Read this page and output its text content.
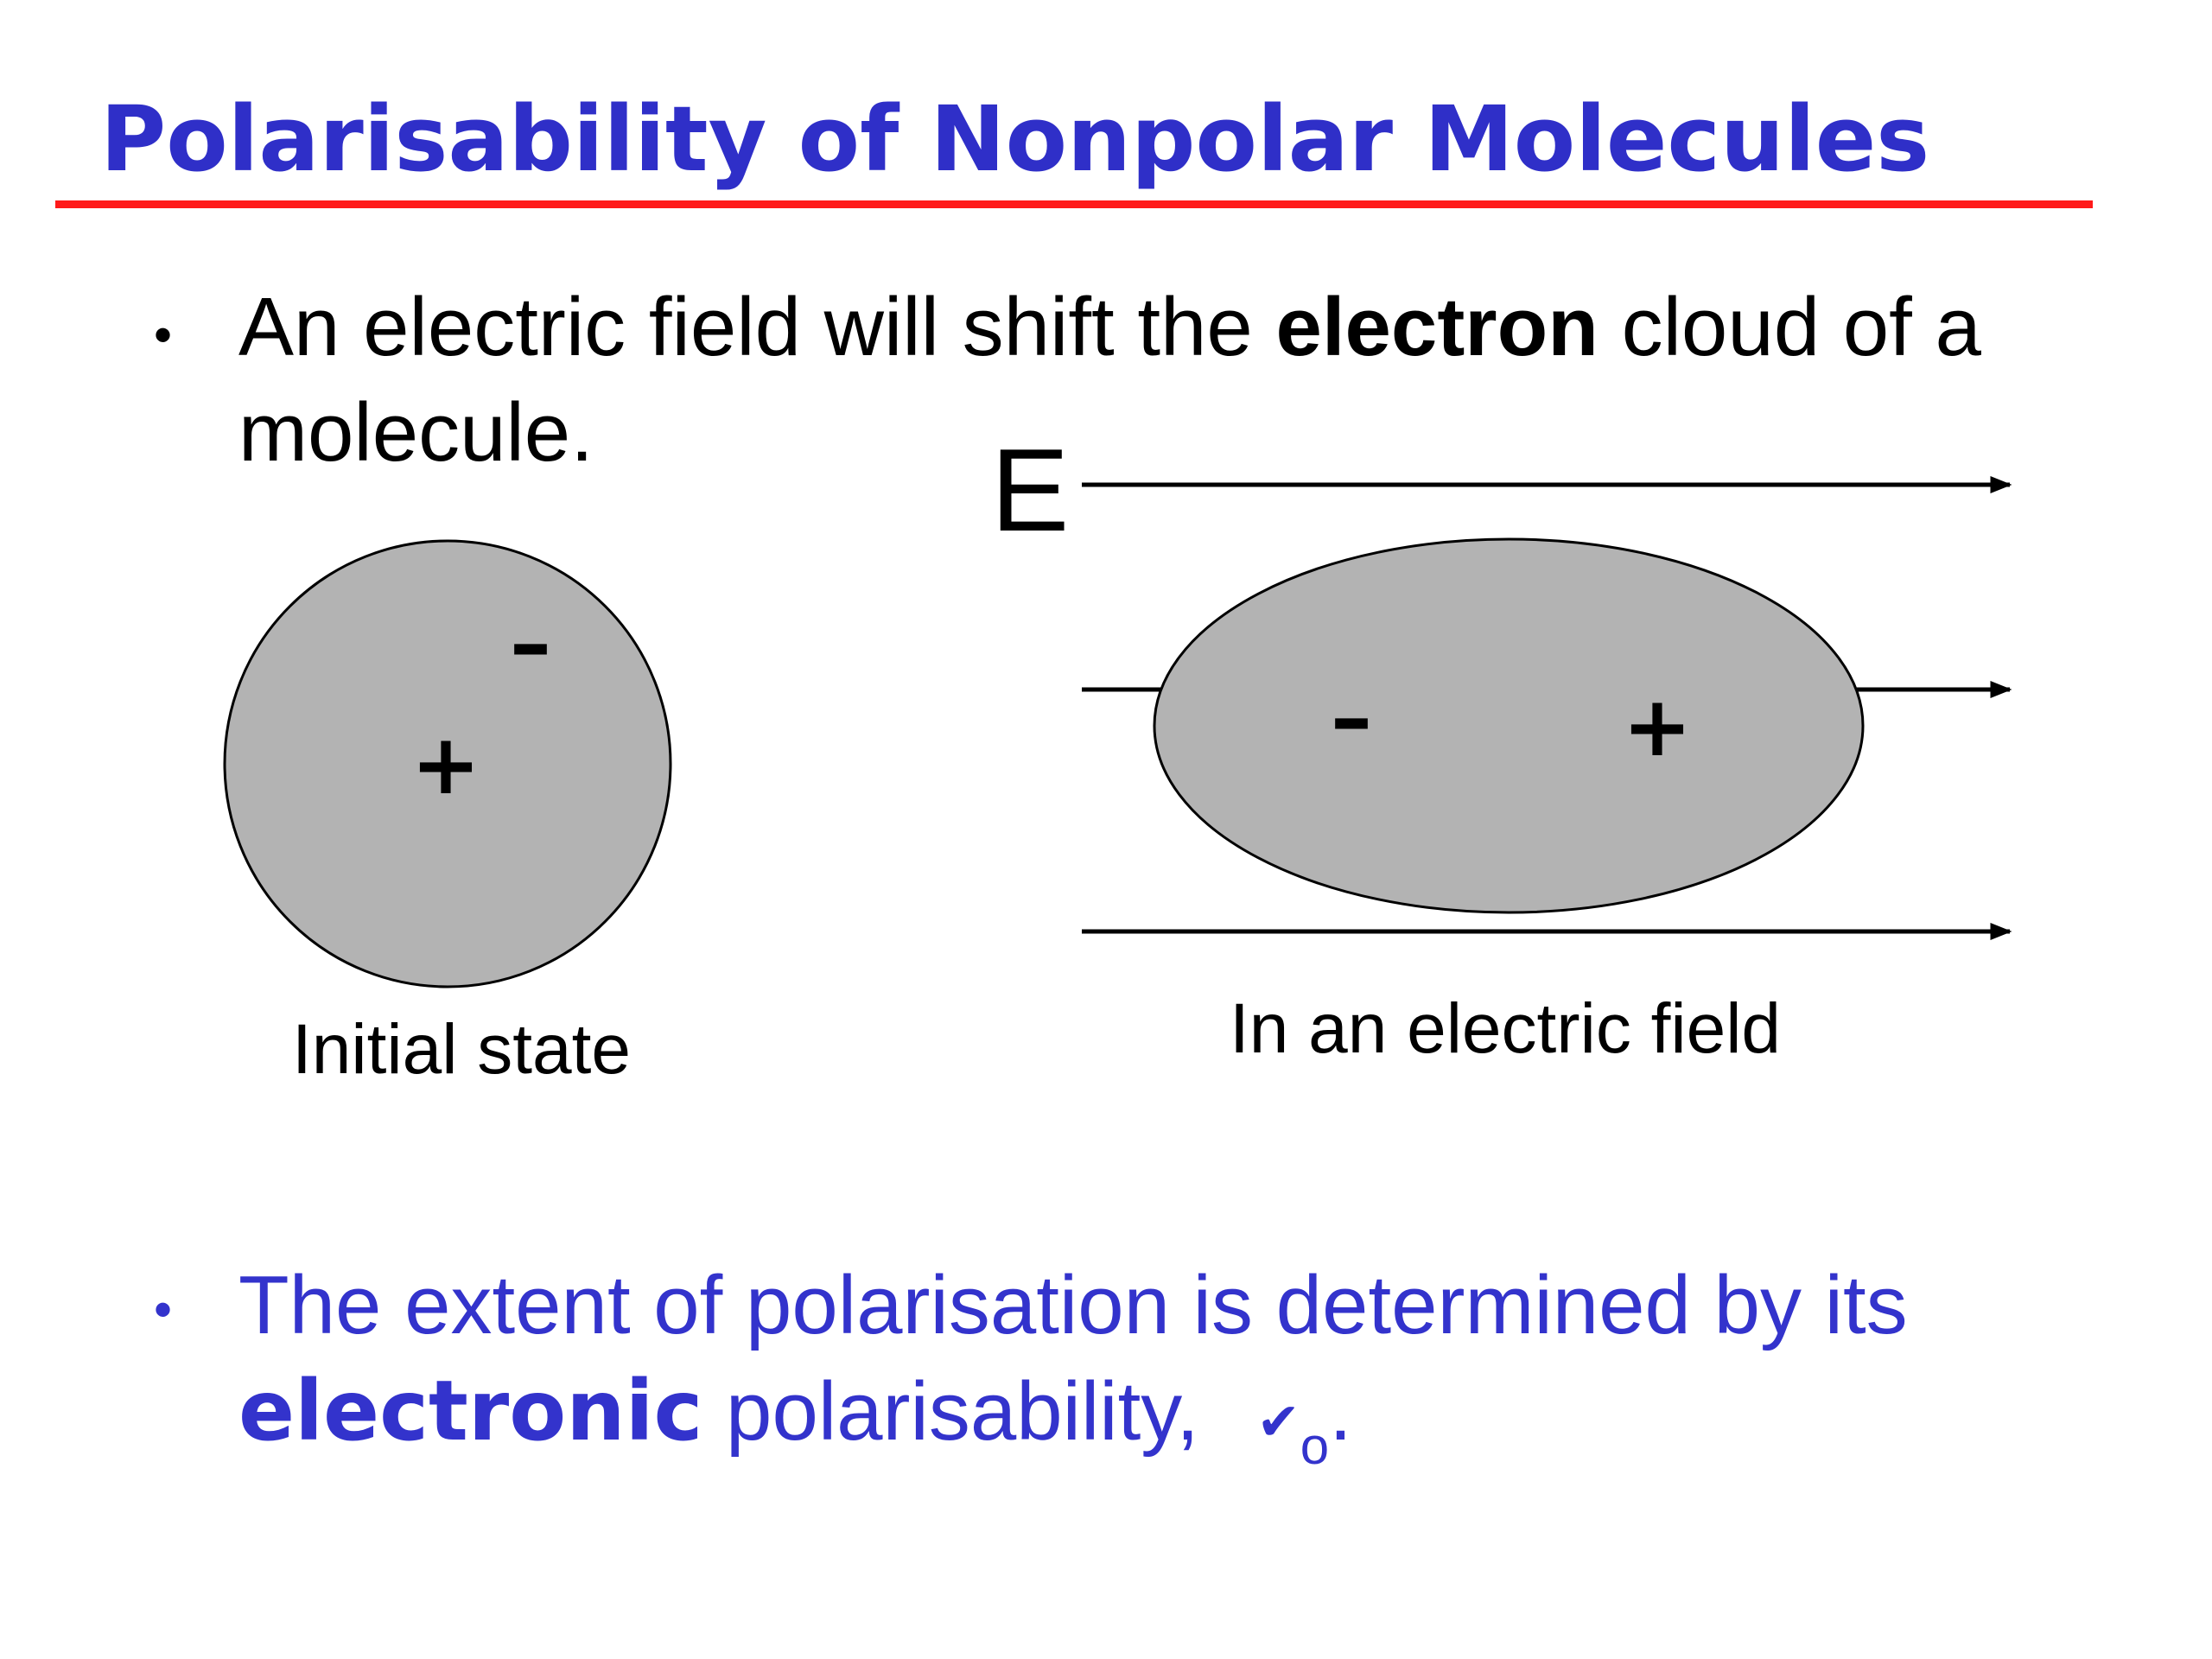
Polarisability of Nonpolar Molecules
• An electric field will shift the electron cloud of a molecule.

+
–
Initial state
E
–	+
In an electric field
• The extent of polarisation is determined by its electronic polarisability, $✔_o$.
